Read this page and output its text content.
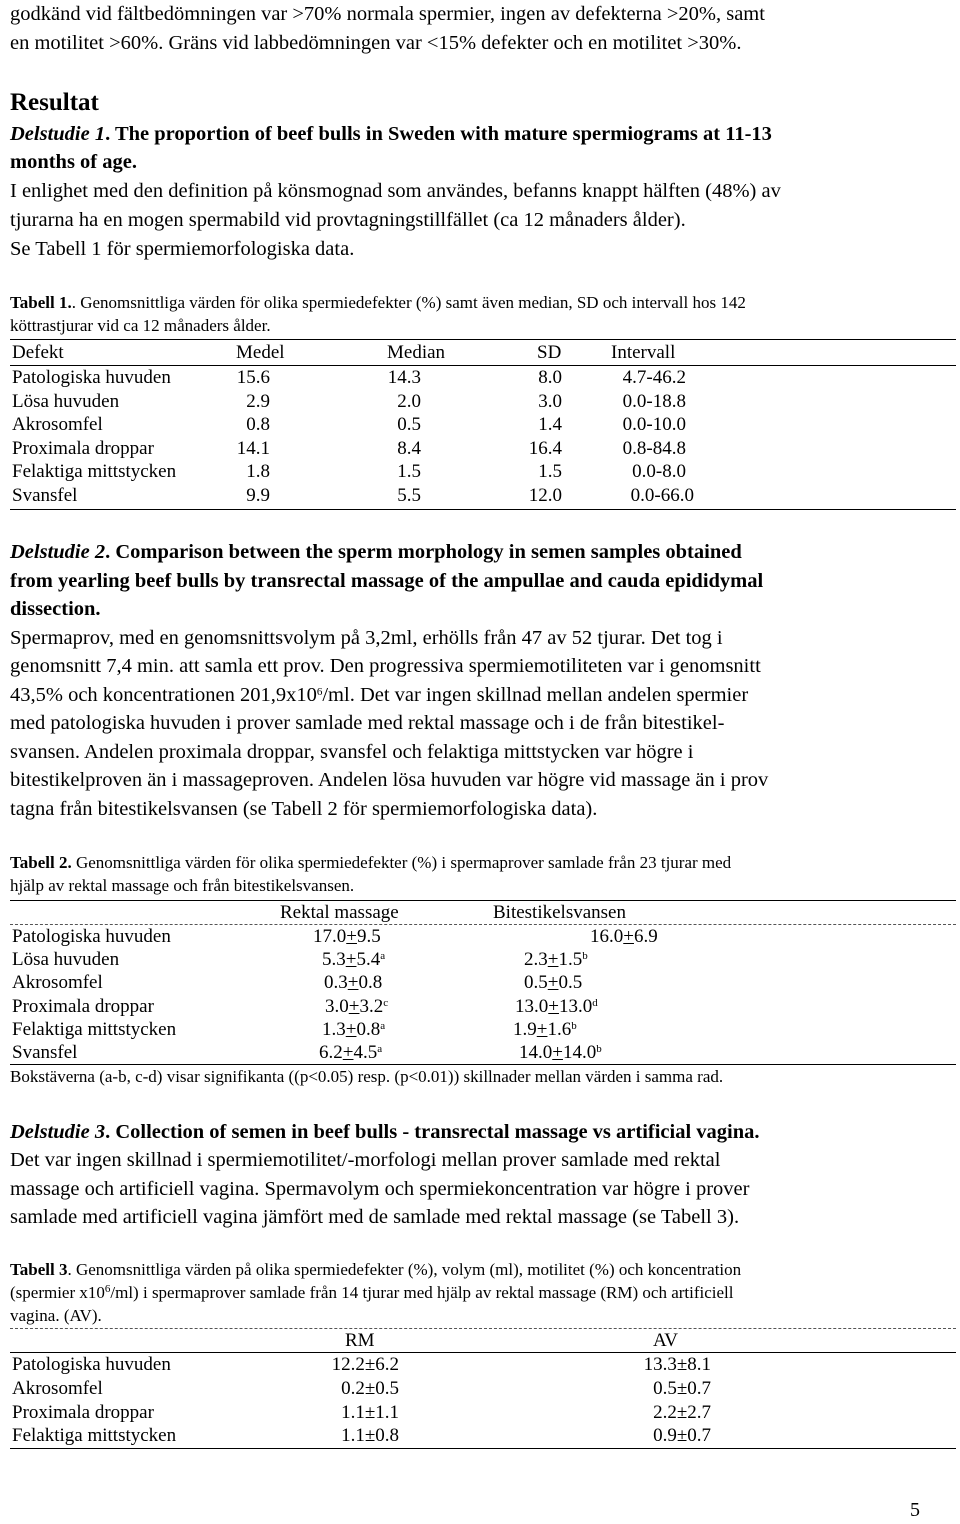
godkänd vid fältbedömningen var >70% normala spermier, ingen av defekterna >20%, samt
en motilitet >60%. Gräns vid labbedömningen var <15% defekter och en motilitet >30%.
Resultat
Delstudie 1. The proportion of beef bulls in Sweden with mature spermiograms at 11-13
months of age.
I enlighet med den definition på könsmognad som användes, befanns knappt hälften (48%) av
tjurarna ha en mogen spermabild vid provtagningstillfället (ca 12 månaders ålder).
Se Tabell 1 för spermiemorfologiska data.
Tabell 1.. Genomsnittliga värden för olika spermiedefekter (%) samt även median, SD och intervall hos 142
köttrastjurar vid ca 12 månaders ålder.
Defekt	Medel	Median	SD	Intervall
Patologiska huvuden	15.6	14.3	8.0	4.7-46.2
Lösa huvuden	2.9	2.0	3.0	0.0-18.8
Akrosomfel	0.8	0.5	1.4	0.0-10.0
Proximala droppar	14.1	8.4	16.4	0.8-84.8
Felaktiga mittstycken	1.8	1.5	1.5	0.0-8.0
Svansfel	9.9	5.5	12.0	0.0-66.0
Delstudie 2. Comparison between the sperm morphology in semen samples obtained
from yearling beef bulls by transrectal massage of the ampullae and cauda epididymal
dissection.
Spermaprov, med en genomsnittsvolym på 3,2ml, erhölls från 47 av 52 tjurar. Det tog i
genomsnitt 7,4 min. att samla ett prov. Den progressiva spermiemotiliteten var i genomsnitt
43,5% och koncentrationen $201,9x10^6/ml$. Det var ingen skillnad mellan andelen spermier
med patologiska huvuden i prover samlade med rektal massage och i de från bitestikel-
svansen. Andelen proximala droppar, svansfel och felaktiga mittstycken var högre i
bitestikelproven än i massageproven. Andelen lösa huvuden var högre vid massage än i prov
tagna från bitestikelsvansen (se Tabell 2 för spermiemorfologiska data).
Tabell 2. Genomsnittliga värden för olika spermiedefekter (%) i spermaprover samlade från 23 tjurar med
hjälp av rektal massage och från bitestikelsvansen.
Rektal massage	Bitestikelsvansen
Patologiska huvuden	17.0+9.5	16.0+6.9
Lösa huvuden	5.3+5.4$^a$	2.3+1.5$^b$
Akrosomfel	0.3+0.8	0.5+0.5
Proximala droppar	3.0+3.2$^c$	13.0+13.0$^d$
Felaktiga mittstycken	1.3+0.8$^a$	1.9+1.6$^b$
Svansfel	6.2+4.5$^a$	14.0+14.0$^b$
Bokstäverna (a-b, c-d) visar signifikanta ((p<0.05) resp. (p<0.01)) skillnader mellan värden i samma rad.
Delstudie 3. Collection of semen in beef bulls - transrectal massage vs artificial vagina.
Det var ingen skillnad i spermiemotilitet/-morfologi mellan prover samlade med rektal
massage och artificiell vagina. Spermavolym och spermiekoncentration var högre i prover
samlade med artificiell vagina jämfört med de samlade med rektal massage (se Tabell 3).
Tabell 3. Genomsnittliga värden på olika spermiedefekter (%), volym (ml), motilitet (%) och koncentration
(spermier $x10^6/ml$) i spermaprover samlade från 14 tjurar med hjälp av rektal massage (RM) och artificiell
vagina. (AV).
RM	AV
Patologiska huvuden	12.2±6.2	13.3±8.1
Akrosomfel	0.2±0.5	0.5±0.7
Proximala droppar	1.1±1.1	2.2±2.7
Felaktiga mittstycken	1.1±0.8	0.9±0.7
5
